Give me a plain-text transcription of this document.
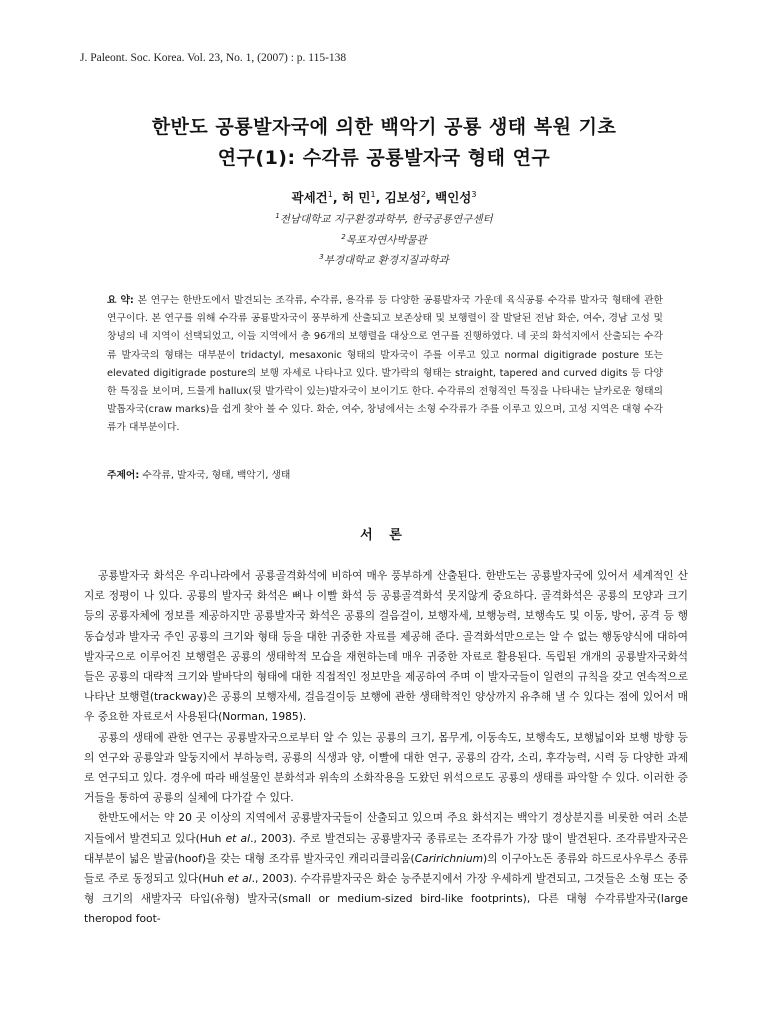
J. Paleont. Soc. Korea. Vol. 23, No. 1, (2007) : p. 115-138
한반도 공룡발자국에 의한 백악기 공룡 생태 복원 기초
연구(1): 수각류 공룡발자국 형태 연구
곽세건$^1$, 허 민$^1$, 김보성$^2$, 백인성$^3$
$^1$전남대학교 지구환경과학부, 한국공룡연구센터
$^2$목포자연사박물관
$^3$부경대학교 환경지질과학과
요 약: 본 연구는 한반도에서 발견되는 조각류, 수각류, 용각류 등 다양한 공룡발자국 가운데 육식공룡 수각류 발자국 형태에 관한 연구이다. 본 연구를 위해 수각류 공룡발자국이 풍부하게 산출되고 보존상태 및 보행렬이 잘 발달된 전남 화순, 여수, 경남 고성 및 창녕의 네 지역이 선택되었고, 이들 지역에서 총 96개의 보행렬을 대상으로 연구를 진행하였다. 네 곳의 화석지에서 산출되는 수각류 발자국의 형태는 대부분이 tridactyl, mesaxonic 형태의 발자국이 주를 이루고 있고 normal digitigrade posture 또는 elevated digitigrade posture의 보행 자세로 나타나고 있다. 발가락의 형태는 straight, tapered and curved digits 등 다양한 특징을 보이며, 드물게 hallux(뒷 발가락이 있는)발자국이 보이기도 한다. 수각류의 전형적인 특징을 나타내는 날카로운 형태의 발톱자국(craw marks)을 쉽게 찾아 볼 수 있다. 화순, 여수, 창녕에서는 소형 수각류가 주를 이루고 있으며, 고성 지역은 대형 수각류가 대부분이다.
주제어: 수각류, 발자국, 형태, 백악기, 생태
서 론

공룡발자국 화석은 우리나라에서 공룡골격화석에 비하여 매우 풍부하게 산출된다. 한반도는 공룡발자국에 있어서 세계적인 산지로 정평이 나 있다. 공룡의 발자국 화석은 뼈나 이빨 화석 등 공룡골격화석 못지않게 중요하다. 골격화석은 공룡의 모양과 크기 등의 공룡자체에 정보를 제공하지만 공룡발자국 화석은 공룡의 걸음걸이, 보행자세, 보행능력, 보행속도 및 이동, 방어, 공격 등 행동습성과 발자국 주인 공룡의 크기와 형태 등을 대한 귀중한 자료를 제공해 준다. 골격화석만으로는 알 수 없는 행동양식에 대하여 발자국으로 이루어진 보행렬은 공룡의 생태학적 모습을 재현하는데 매우 귀중한 자료로 활용된다. 독립된 개개의 공룡발자국화석들은 공룡의 대략적 크기와 발바닥의 형태에 대한 직접적인 정보만을 제공하여 주며 이 발자국들이 일련의 규칙을 갖고 연속적으로 나타난 보행렬(trackway)은 공룡의 보행자세, 걸음걸이등 보행에 관한 생태학적인 양상까지 유추해 낼 수 있다는 점에 있어서 매우 중요한 자료로서 사용된다(Norman, 1985).

공룡의 생태에 관한 연구는 공룡발자국으로부터 알 수 있는 공룡의 크기, 몸무게, 이동속도, 보행속도, 보행넓이와 보행 방향 등의 연구와 공룡알과 알둥지에서 부하능력, 공룡의 식생과 양, 이빨에 대한 연구, 공룡의 감각, 소리, 후각능력, 시력 등 다양한 과제로 연구되고 있다. 경우에 따라 배설물인 분화석과 위속의 소화작용을 도왔던 위석으로도 공룡의 생태를 파악할 수 있다. 이러한 증거들을 통하여 공룡의 실체에 다가갈 수 있다.

한반도에서는 약 20 곳 이상의 지역에서 공룡발자국들이 산출되고 있으며 주요 화석지는 백악기 경상분지를 비롯한 여러 소분지들에서 발견되고 있다(Huh et al., 2003). 주로 발견되는 공룡발자국 종류로는 조각류가 가장 많이 발견된다. 조각류발자국은 대부분이 넓은 발굽(hoof)을 갖는 대형 조각류 발자국인 캐리리클리움(Caririchnium)의 이구아노돈 종류와 하드로사우루스 종류들로 주로 동정되고 있다(Huh et al., 2003). 수각류발자국은 화순 능주분지에서 가장 우세하게 발견되고, 그것들은 소형 또는 중형 크기의 새발자국 타입(유형) 발자국(small or medium-sized bird-like footprints), 다른 대형 수각류발자국(large theropod foot-
